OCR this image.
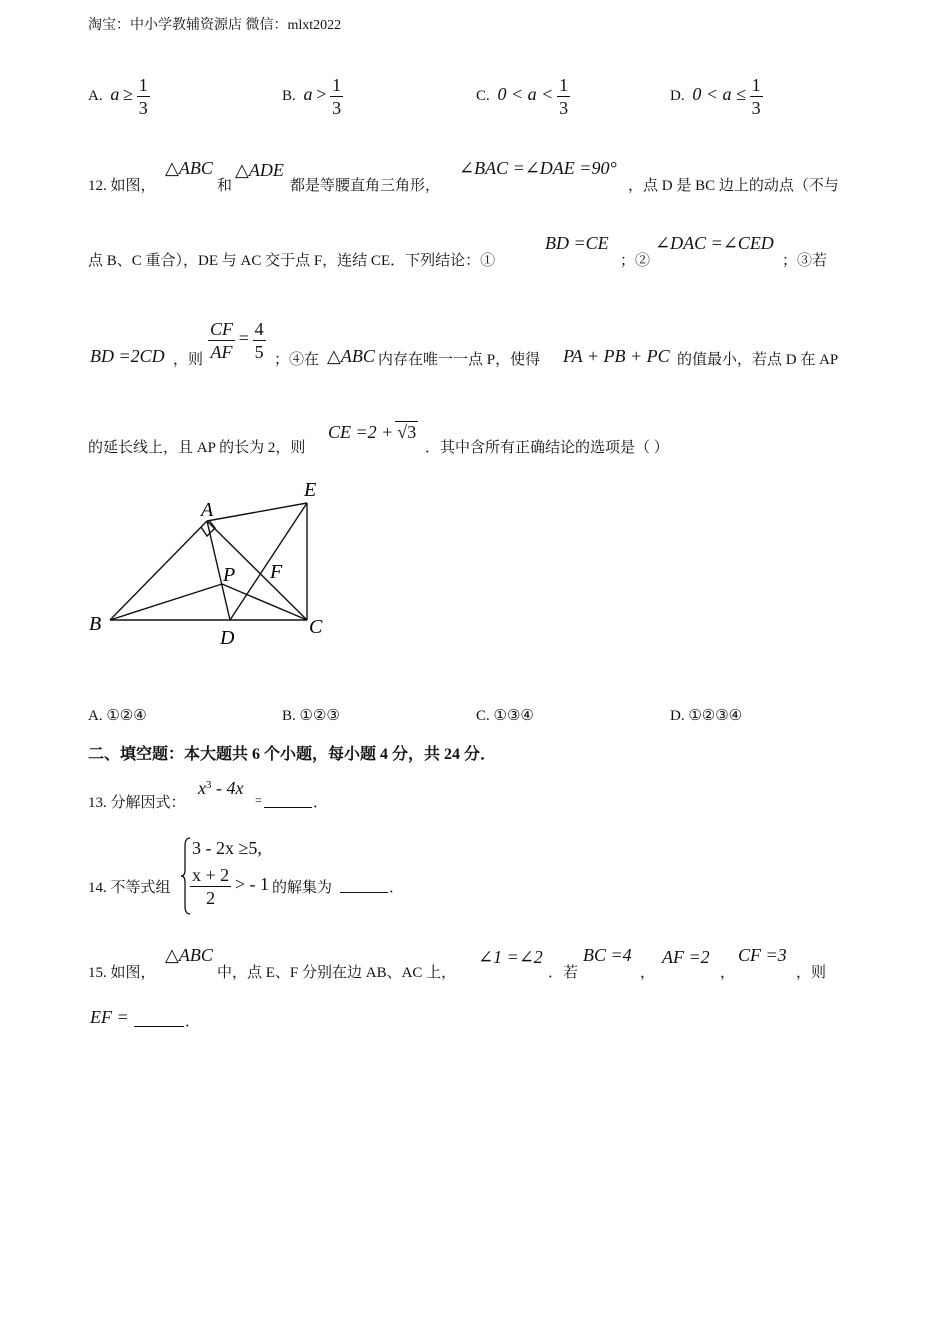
淘宝：中小学教辅资源店 微信：mlxt2022
A. $a \ge \frac{1}{3}$	B. $a > \frac{1}{3}$	C. $0 < a < \frac{1}{3}$	D. $0 < a \le \frac{1}{3}$
12. 如图，
△ABC
和
△ADE
都是等腰直角三角形，
∠BAC =∠DAE =90°
，点 D 是 BC 边上的动点（不与
点 B、C 重合），DE 与 AC 交于点 F，连结 CE．下列结论：①
BD =CE
；②
∠DAC =∠CED
；③若
BD =2CD ，则 $\frac{CF}{AF} = \frac{4}{5}$ ；④在 △ABC 内存在唯一一点 P，使得 PA + PB + PC 的值最小，若点 D 在 AP
的延长线上，且 AP 的长为 2，则
CE =2 + √3
．其中含所有正确结论的选项是（ ）
A
B	C
D
E
F
P
A. ①②④	B. ①②③	C. ①③④	D. ①②③④
二、填空题：本大题共 6 个小题，每小题 4 分，共 24 分．
13. 分解因式：
$x^3 - 4x$
=	．
14. 不等式组
3 - 2x ≥5,
$\frac{x + 2}{2}$ > - 1 的解集为	．
15. 如图，
△ABC
中，点 E、F 分别在边 AB、AC 上，
∠1 =∠2
．若
BC =4
，
AF =2
，
CF =3
，则
EF =	．
